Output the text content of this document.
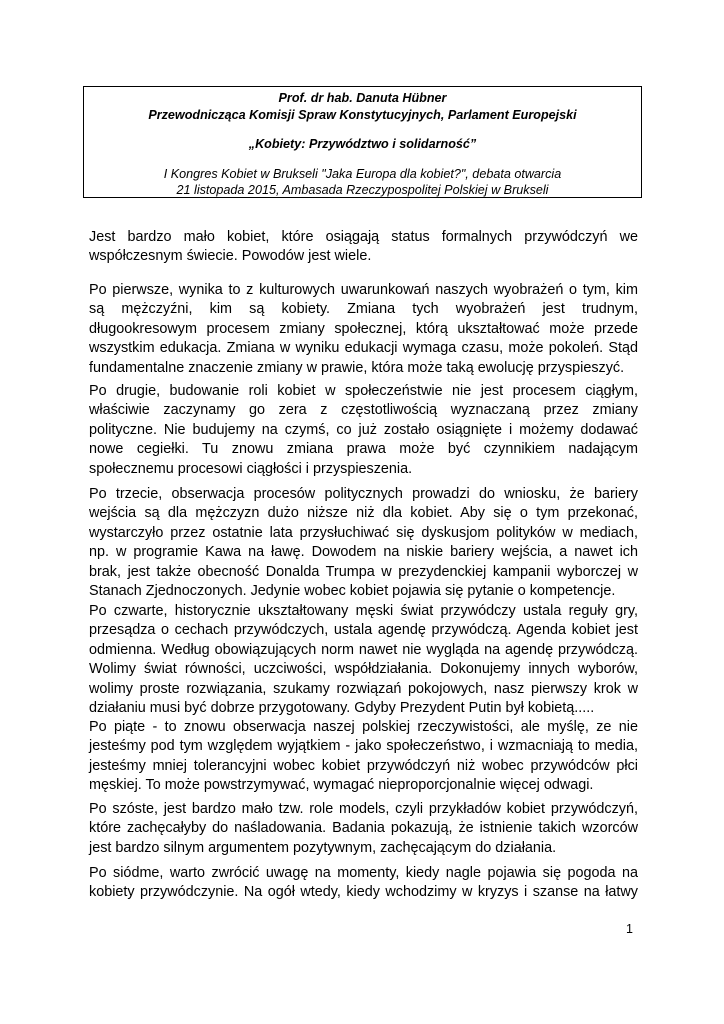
Prof. dr hab. Danuta Hübner
Przewodnicząca Komisji Spraw Konstytucyjnych, Parlament Europejski
„Kobiety: Przywództwo i solidarność”
I Kongres Kobiet w Brukseli "Jaka Europa dla kobiet?", debata otwarcia
21 listopada 2015, Ambasada Rzeczypospolitej Polskiej w Brukseli
Jest bardzo mało kobiet, które osiągają status formalnych przywódczyń we
współczesnym świecie. Powodów jest wiele.
Po pierwsze, wynika to z kulturowych uwarunkowań naszych wyobrażeń o tym, kim
są mężczyźni, kim są kobiety. Zmiana tych wyobrażeń jest trudnym,
długookresowym procesem zmiany społecznej, którą ukształtować może przede
wszystkim edukacja. Zmiana w wyniku edukacji wymaga czasu, może pokoleń. Stąd
fundamentalne znaczenie zmiany w prawie, która może taką ewolucję przyspieszyć.
Po drugie, budowanie roli kobiet w społeczeństwie nie jest procesem ciągłym,
właściwie zaczynamy go zera z częstotliwością wyznaczaną przez zmiany
polityczne. Nie budujemy na czymś, co już zostało osiągnięte i możemy dodawać
nowe cegiełki. Tu znowu zmiana prawa może być czynnikiem nadającym
społecznemu procesowi ciągłości i przyspieszenia.
Po trzecie, obserwacja procesów politycznych prowadzi do wniosku, że bariery
wejścia są dla mężczyzn dużo niższe niż dla kobiet. Aby się o tym przekonać,
wystarczyło przez ostatnie lata przysłuchiwać się dyskusjom polityków w mediach,
np. w programie Kawa na ławę. Dowodem na niskie bariery wejścia, a nawet ich
brak, jest także obecność Donalda Trumpa w prezydenckiej kampanii wyborczej w
Stanach Zjednoczonych. Jedynie wobec kobiet pojawia się pytanie o kompetencje.
Po czwarte, historycznie ukształtowany męski świat przywódczy ustala reguły gry,
przesądza o cechach przywódczych, ustala agendę przywódczą. Agenda kobiet jest
odmienna. Według obowiązujących norm nawet nie wygląda na agendę przywódczą.
Wolimy świat równości, uczciwości, współdziałania. Dokonujemy innych wyborów,
wolimy proste rozwiązania, szukamy rozwiązań pokojowych, nasz pierwszy krok w
działaniu musi być dobrze przygotowany. Gdyby Prezydent Putin był kobietą.....
Po piąte - to znowu obserwacja naszej polskiej rzeczywistości, ale myślę, ze nie
jesteśmy pod tym względem wyjątkiem - jako społeczeństwo, i wzmacniają to media,
jesteśmy mniej tolerancyjni wobec kobiet przywódczyń niż wobec przywódców płci
męskiej. To może powstrzymywać, wymagać nieproporcjonalnie więcej odwagi.
Po szóste, jest bardzo mało tzw. role models, czyli przykładów kobiet przywódczyń,
które zachęcałyby do naśladowania. Badania pokazują, że istnienie takich wzorców
jest bardzo silnym argumentem pozytywnym, zachęcającym do działania.
Po siódme, warto zwrócić uwagę na momenty, kiedy nagle pojawia się pogoda na
kobiety przywódczynie. Na ogół wtedy, kiedy wchodzimy w kryzys i szanse na łatwy
1
